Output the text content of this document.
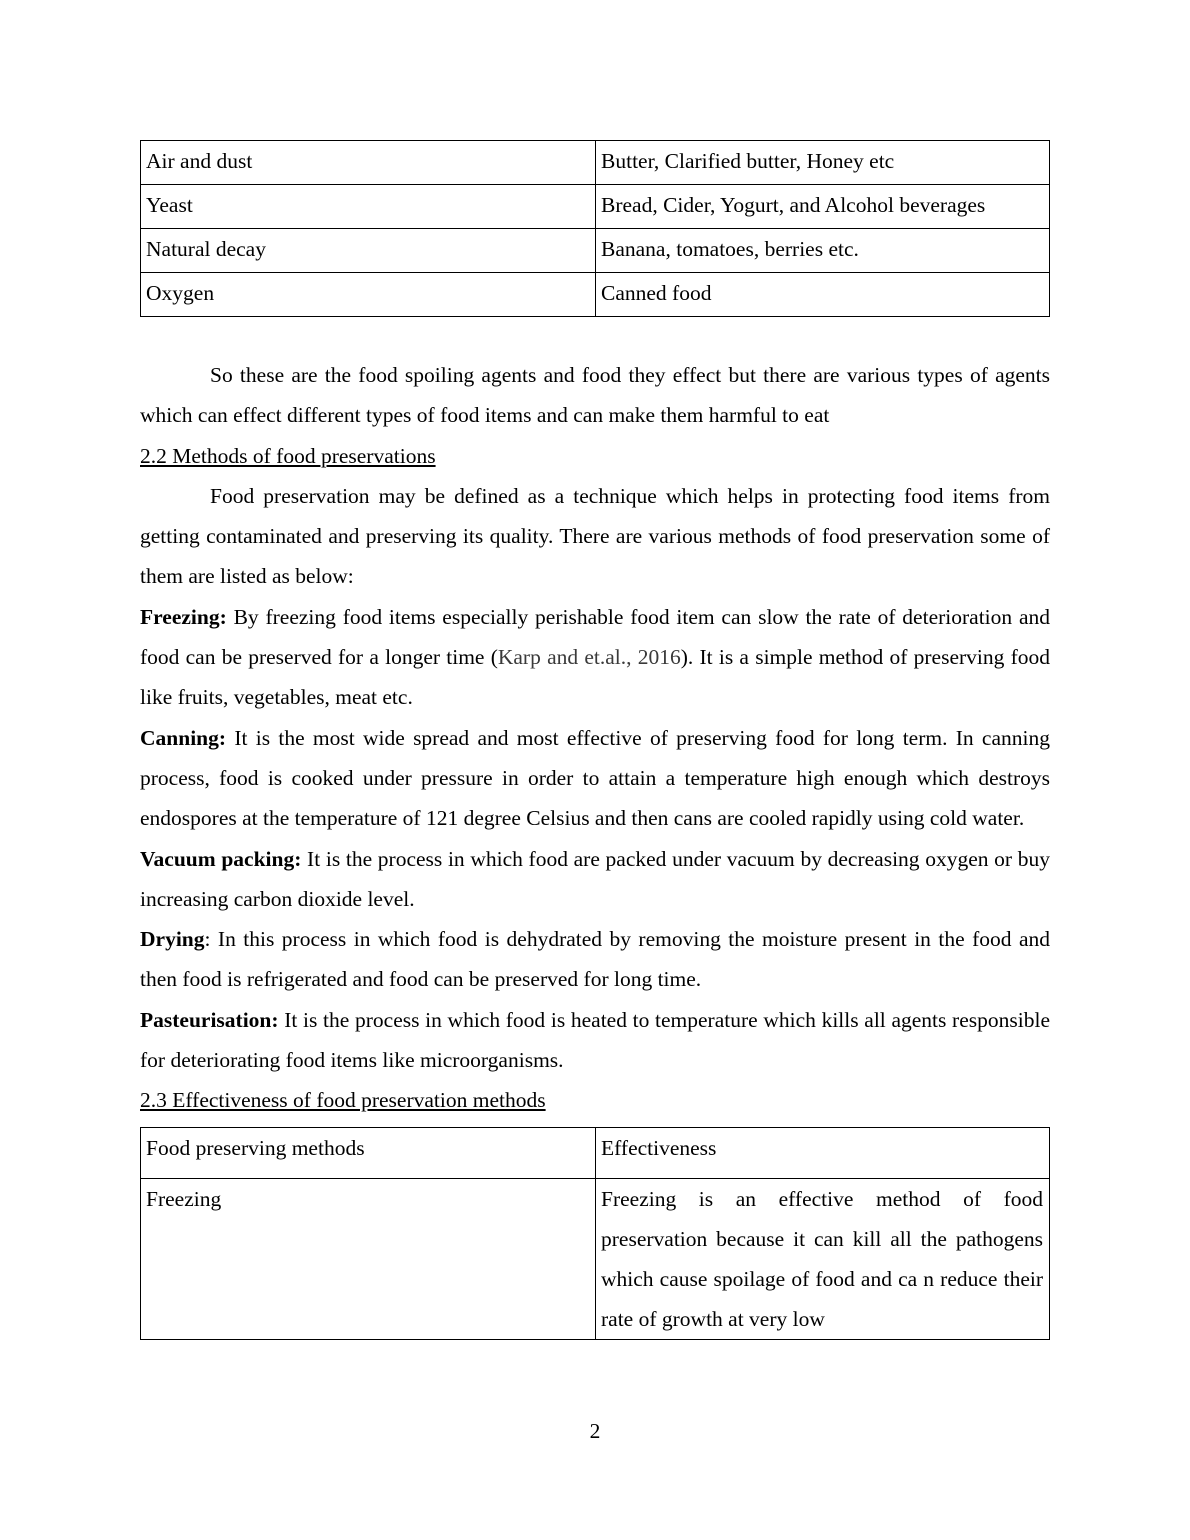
Air and dust	Butter, Clarified butter, Honey etc
Yeast	Bread, Cider, Yogurt, and Alcohol beverages
Natural decay	Banana, tomatoes, berries etc.
Oxygen	Canned food

So these are the food spoiling agents and food they effect but there are various types of agents which can effect different types of food items and can make them harmful to eat

2.2 Methods of food preservations

Food preservation may be defined as a technique which helps in protecting food items from getting contaminated and preserving its quality. There are various methods of food preservation some of them are listed as below:

Freezing: By freezing food items especially perishable food item can slow the rate of deterioration and food can be preserved for a longer time (Karp and et.al., 2016). It is a simple method of preserving food like fruits, vegetables, meat etc.

Canning: It is the most wide spread and most effective of preserving food for long term. In canning process, food is cooked under pressure in order to attain a temperature high enough which destroys endospores at the temperature of 121 degree Celsius and then cans are cooled rapidly using cold water.

Vacuum packing: It is the process in which food are packed under vacuum by decreasing oxygen or buy increasing carbon dioxide level.

Drying: In this process in which food is dehydrated by removing the moisture present in the food and then food is refrigerated and food can be preserved for long time.

Pasteurisation: It is the process in which food is heated to temperature which kills all agents responsible for deteriorating food items like microorganisms.

2.3 Effectiveness of food preservation methods

Food preserving methods	Effectiveness
Freezing	Freezing is an effective method of food preservation because it can kill all the pathogens which cause spoilage of food and ca n reduce their rate of growth at very low
2
